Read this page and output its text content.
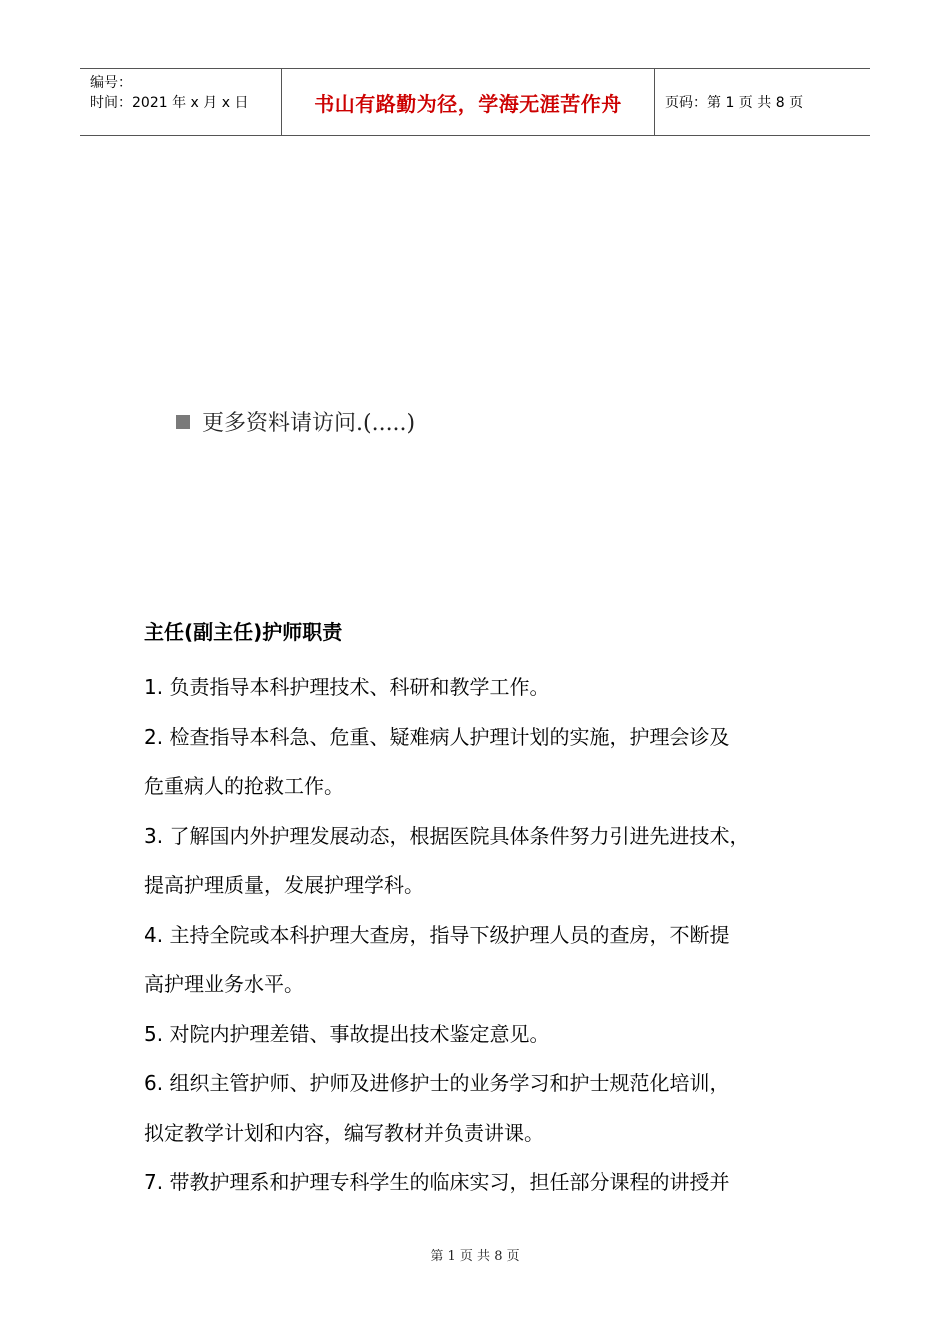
编号：
时间：2021 年 x 月 x 日	书山有路勤为径，学海无涯苦作舟	页码：第 1 页 共 8 页
更多资料请访问.(.....)
主任(副主任)护师职责

1. 负责指导本科护理技术、科研和教学工作。

2. 检查指导本科急、危重、疑难病人护理计划的实施，护理会诊及

危重病人的抢救工作。

3. 了解国内外护理发展动态，根据医院具体条件努力引进先进技术，

提高护理质量，发展护理学科。

4. 主持全院或本科护理大查房，指导下级护理人员的查房，不断提

高护理业务水平。

5. 对院内护理差错、事故提出技术鉴定意见。

6. 组织主管护师、护师及进修护士的业务学习和护士规范化培训，

拟定教学计划和内容，编写教材并负责讲课。

7. 带教护理系和护理专科学生的临床实习，担任部分课程的讲授并

第 1 页 共 8 页
